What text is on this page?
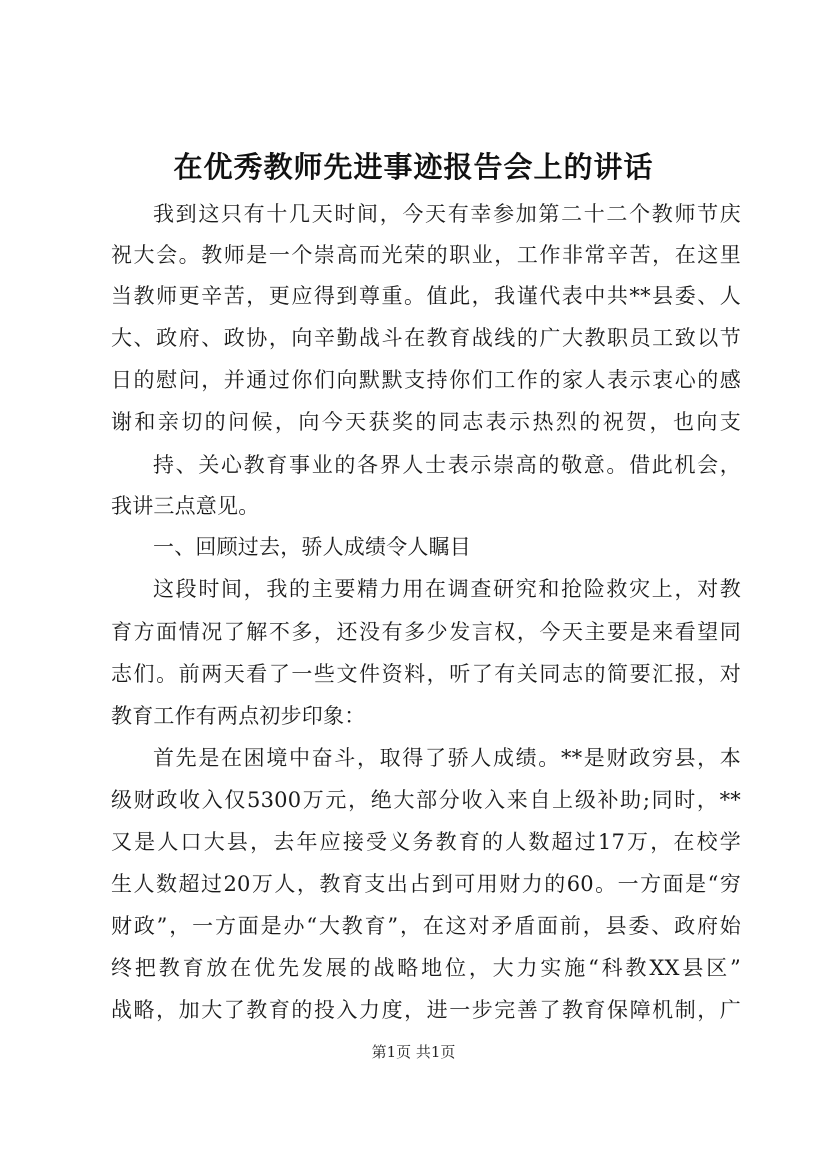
在优秀教师先进事迹报告会上的讲话
我到这只有十几天时间，今天有幸参加第二十二个教师节庆
祝大会。教师是一个崇高而光荣的职业，工作非常辛苦，在这里
当教师更辛苦，更应得到尊重。值此，我谨代表中共**县委、人
大、政府、政协，向辛勤战斗在教育战线的广大教职员工致以节
日的慰问，并通过你们向默默支持你们工作的家人表示衷心的感
谢和亲切的问候，向今天获奖的同志表示热烈的祝贺，也向支
持、关心教育事业的各界人士表示崇高的敬意。借此机会，
我讲三点意见。
一、回顾过去，骄人成绩令人瞩目
这段时间，我的主要精力用在调查研究和抢险救灾上，对教
育方面情况了解不多，还没有多少发言权，今天主要是来看望同
志们。前两天看了一些文件资料，听了有关同志的简要汇报，对
教育工作有两点初步印象：
首先是在困境中奋斗，取得了骄人成绩。**是财政穷县，本
级财政收入仅5300万元，绝大部分收入来自上级补助;同时，**
又是人口大县，去年应接受义务教育的人数超过17万，在校学
生人数超过20万人，教育支出占到可用财力的60。一方面是“穷
财政”，一方面是办“大教育”，在这对矛盾面前，县委、政府始
终把教育放在优先发展的战略地位，大力实施“科教XX县区”
战略，加大了教育的投入力度，进一步完善了教育保障机制，广
第1页 共1页
